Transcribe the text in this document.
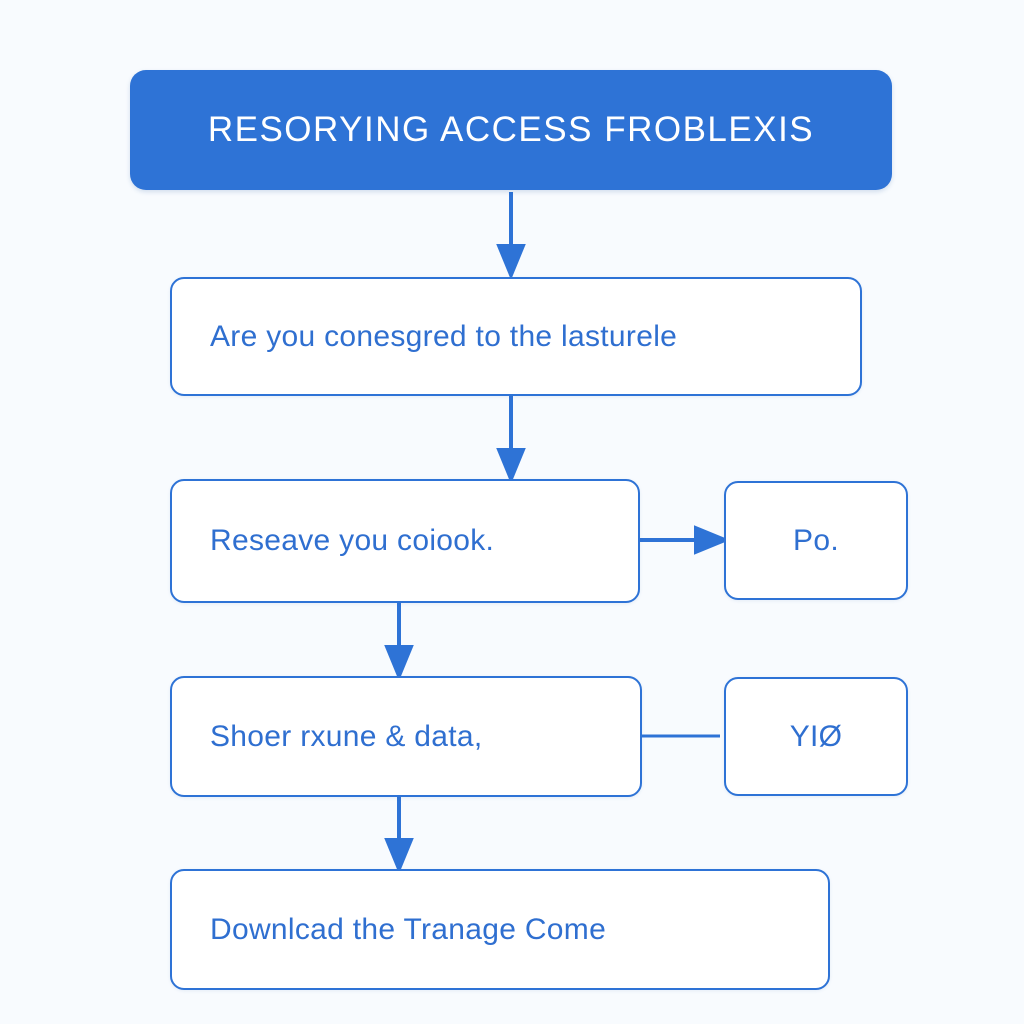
RESORYING ACCESS FROBLEXIS
Are you conesgred to the lasturele
Reseave you coiook.	Po.
Shoer rxune & data,	YIØ
Downlcad the Tranage Come
